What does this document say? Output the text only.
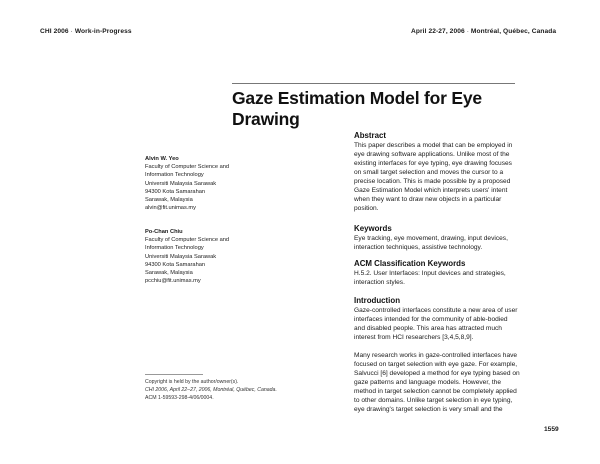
CHI 2006 · Work-in-Progress	April 22-27, 2006 · Montréal, Québec, Canada
Gaze Estimation Model for Eye
Drawing
Alvin W. Yeo
Faculty of Computer Science and
Information Technology
Universiti Malaysia Sarawak
94300 Kota Samarahan
Sarawak, Malaysia
alvin@fit.unimas.my
Po-Chan Chiu
Faculty of Computer Science and
Information Technology
Universiti Malaysia Sarawak
94300 Kota Samarahan
Sarawak, Malaysia
pcchiu@fit.unimas.my
Abstract
This paper describes a model that can be employed in
eye drawing software applications. Unlike most of the
existing interfaces for eye typing, eye drawing focuses
on small target selection and moves the cursor to a
precise location. This is made possible by a proposed
Gaze Estimation Model which interprets users' intent
when they want to draw new objects in a particular
position.
Keywords
Eye tracking, eye movement, drawing, input devices,
interaction techniques, assistive technology.
ACM Classification Keywords
H.5.2. User Interfaces: Input devices and strategies,
interaction styles.
Introduction
Gaze-controlled interfaces constitute a new area of user
interfaces intended for the community of able-bodied
and disabled people. This area has attracted much
interest from HCI researchers [3,4,5,8,9].
Many research works in gaze-controlled interfaces have
focused on target selection with eye gaze. For example,
Salvucci [6] developed a method for eye typing based on
gaze patterns and language models. However, the
method in target selection cannot be completely applied
to other domains. Unlike target selection in eye typing,
eye drawing's target selection is very small and the
Copyright is held by the author/owner(s).
CHI 2006, April 22–27, 2006, Montréal, Québec, Canada.
ACM 1-59593-298-4/06/0004.
1559
